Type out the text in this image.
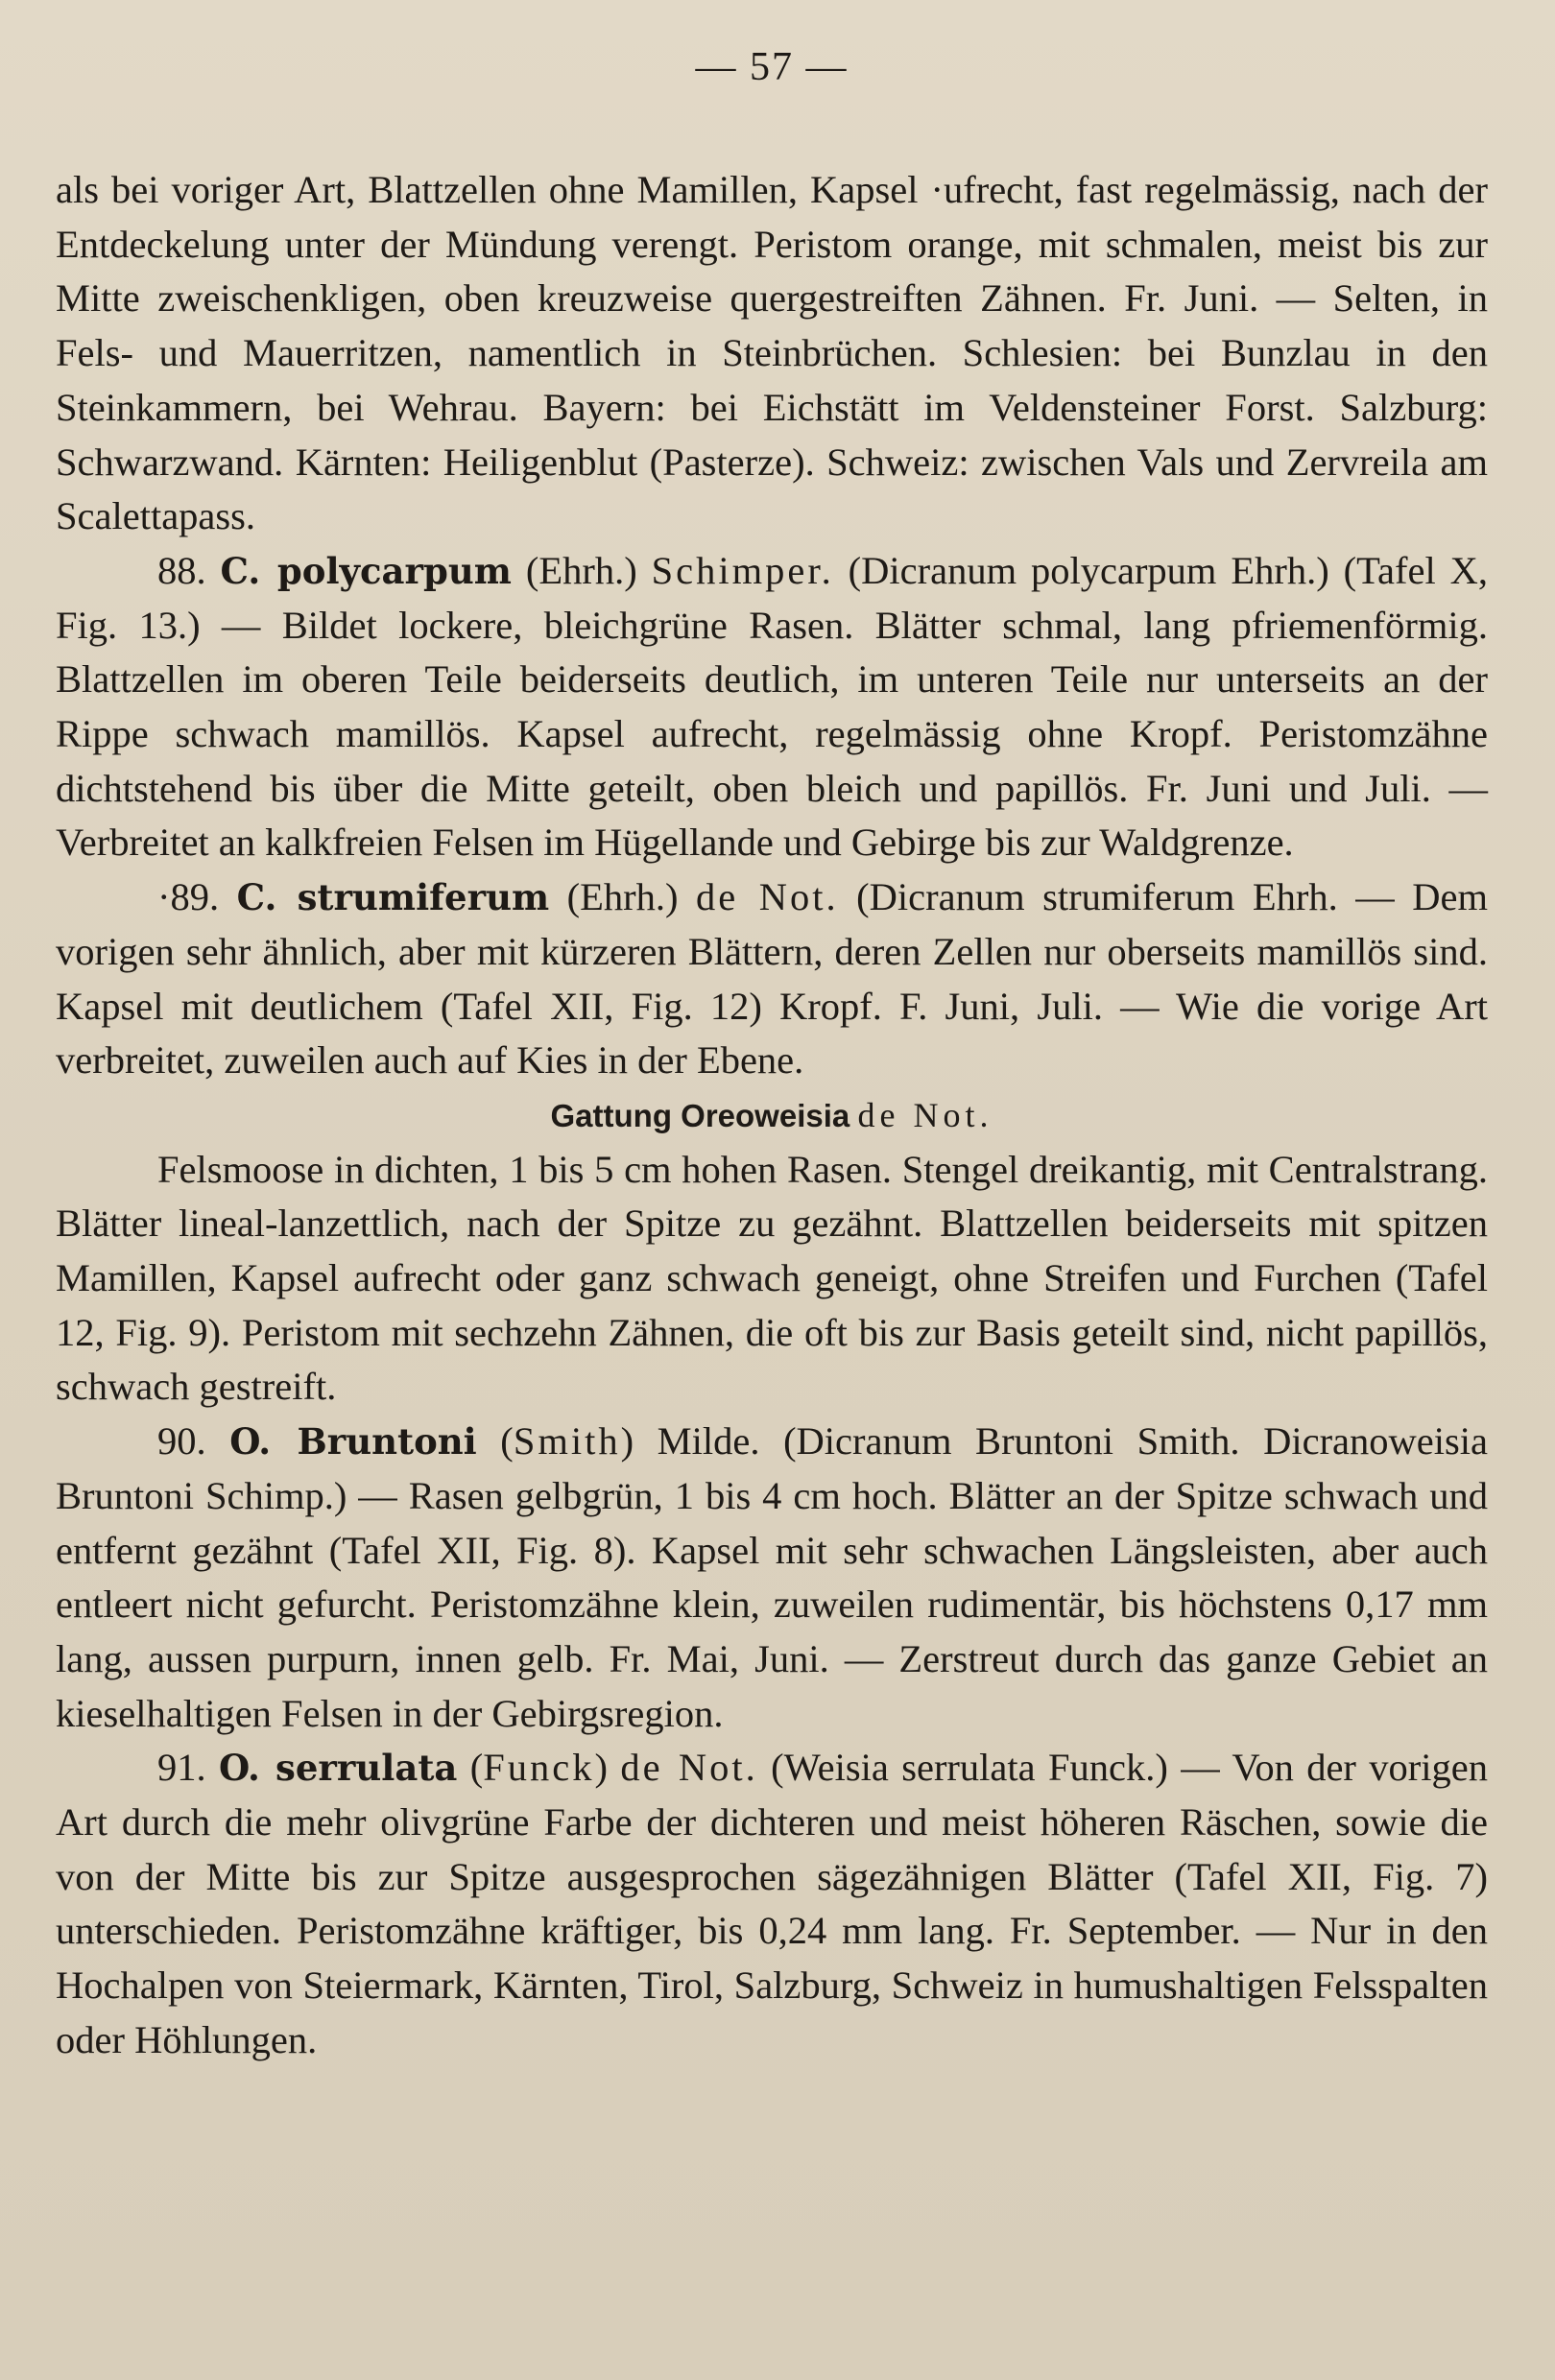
— 57 —

als bei voriger Art, Blattzellen ohne Mamillen, Kapsel ·ufrecht, fast regelmässig, nach der Entdeckelung unter der Mündung verengt. Peristom orange, mit schmalen, meist bis zur Mitte zweischenkligen, oben kreuzweise quergestreiften Zähnen. Fr. Juni. — Selten, in Fels- und Mauerritzen, namentlich in Steinbrüchen. Schlesien: bei Bunzlau in den Steinkammern, bei Wehrau. Bayern: bei Eichstätt im Veldensteiner Forst. Salzburg: Schwarzwand. Kärnten: Heiligenblut (Pasterze). Schweiz: zwischen Vals und Zervreila am Scalettapass.

88. C. polycarpum (Ehrh.) Schimper. (Dicranum polycarpum Ehrh.) (Tafel X, Fig. 13.) — Bildet lockere, bleichgrüne Rasen. Blätter schmal, lang pfriemenförmig. Blattzellen im oberen Teile beiderseits deutlich, im unteren Teile nur unterseits an der Rippe schwach mamillös. Kapsel aufrecht, regelmässig ohne Kropf. Peristomzähne dichtstehend bis über die Mitte geteilt, oben bleich und papillös. Fr. Juni und Juli. — Verbreitet an kalkfreien Felsen im Hügellande und Gebirge bis zur Waldgrenze.

·89. C. strumiferum (Ehrh.) de Not. (Dicranum strumiferum Ehrh. — Dem vorigen sehr ähnlich, aber mit kürzeren Blättern, deren Zellen nur oberseits mamillös sind. Kapsel mit deutlichem (Tafel XII, Fig. 12) Kropf. F. Juni, Juli. — Wie die vorige Art verbreitet, zuweilen auch auf Kies in der Ebene.

Gattung Oreoweisia de Not.

Felsmoose in dichten, 1 bis 5 cm hohen Rasen. Stengel dreikantig, mit Centralstrang. Blätter lineal-lanzettlich, nach der Spitze zu gezähnt. Blattzellen beiderseits mit spitzen Mamillen, Kapsel aufrecht oder ganz schwach geneigt, ohne Streifen und Furchen (Tafel 12, Fig. 9). Peristom mit sechzehn Zähnen, die oft bis zur Basis geteilt sind, nicht papillös, schwach gestreift.

90. O. Bruntoni (Smith) Milde. (Dicranum Bruntoni Smith. Dicranoweisia Bruntoni Schimp.) — Rasen gelbgrün, 1 bis 4 cm hoch. Blätter an der Spitze schwach und entfernt gezähnt (Tafel XII, Fig. 8). Kapsel mit sehr schwachen Längsleisten, aber auch entleert nicht gefurcht. Peristomzähne klein, zuweilen rudimentär, bis höchstens 0,17 mm lang, aussen purpurn, innen gelb. Fr. Mai, Juni. — Zerstreut durch das ganze Gebiet an kieselhaltigen Felsen in der Gebirgsregion.

91. O. serrulata (Funck) de Not. (Weisia serrulata Funck.) — Von der vorigen Art durch die mehr olivgrüne Farbe der dichteren und meist höheren Räschen, sowie die von der Mitte bis zur Spitze ausgesprochen sägezähnigen Blätter (Tafel XII, Fig. 7) unterschieden. Peristomzähne kräftiger, bis 0,24 mm lang. Fr. September. — Nur in den Hochalpen von Steiermark, Kärnten, Tirol, Salzburg, Schweiz in humushaltigen Felsspalten oder Höhlungen.
